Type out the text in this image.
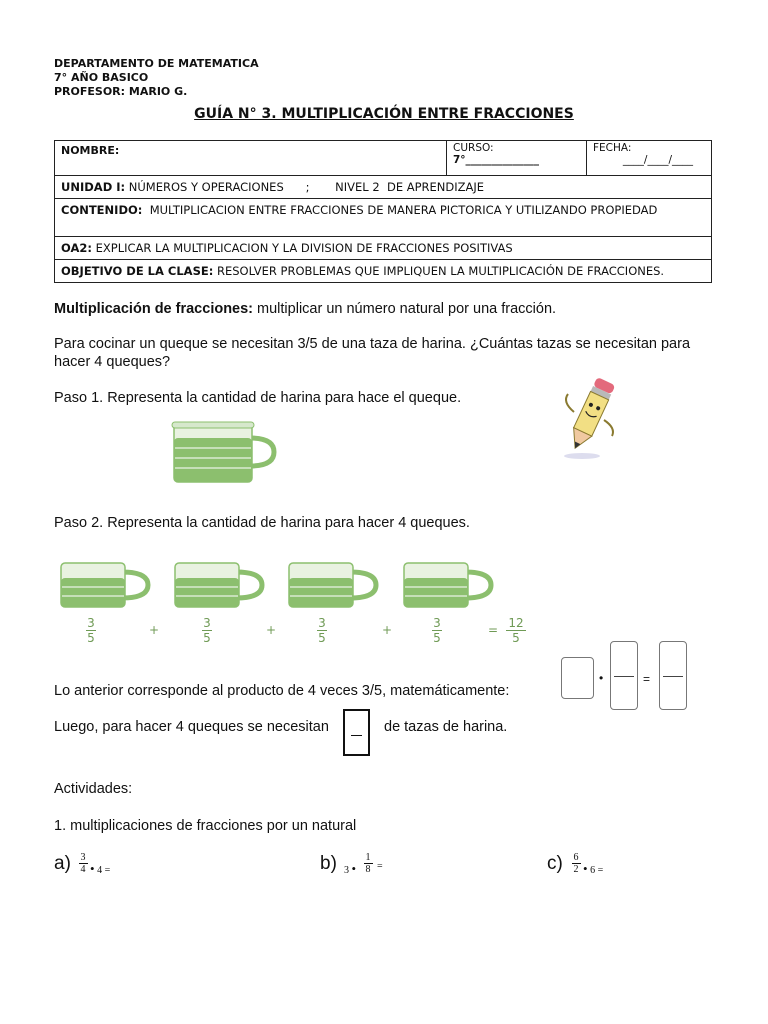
DEPARTAMENTO DE MATEMATICA
7° AÑO BASICO
PROFESOR: MARIO G.
GUÍA N° 3. MULTIPLICACIÓN ENTRE FRACCIONES
NOMBRE:	CURSO:
7°______________
FECHA:
____/____/____
UNIDAD I:
NÚMEROS Y OPERACIONES      ;       NIVEL 2  DE APRENDIZAJE
CONTENIDO:
MULTIPLICACION ENTRE FRACCIONES DE MANERA PICTORICA Y UTILIZANDO PROPIEDAD
OA2:
EXPLICAR LA MULTIPLICACION Y LA DIVISION DE FRACCIONES POSITIVAS
OBJETIVO DE LA CLASE:
RESOLVER PROBLEMAS QUE IMPLIQUEN LA MULTIPLICACIÓN DE FRACCIONES.
Multiplicación de fracciones: multiplicar un número natural por una fracción.
Para cocinar un queque se necesitan 3/5 de una taza de harina. ¿Cuántas tazas se necesitan para
hacer 4 queques?
Paso 1. Representa la cantidad de harina para hace el queque.
Paso 2. Representa la cantidad de harina para hacer 4 queques.
3
5
+	3
5
+	3
5
+	3
5
= 12
5
•	=
Lo anterior corresponde al producto de 4 veces 3/5, matemáticamente:
Luego, para hacer 4 queques se necesitan	de tazas de harina.
Actividades:
1. multiplicaciones de fracciones por un natural
a) 3
4 • 4 =	b) 3 •
1
8 =	c)	6
2 • 6 =
